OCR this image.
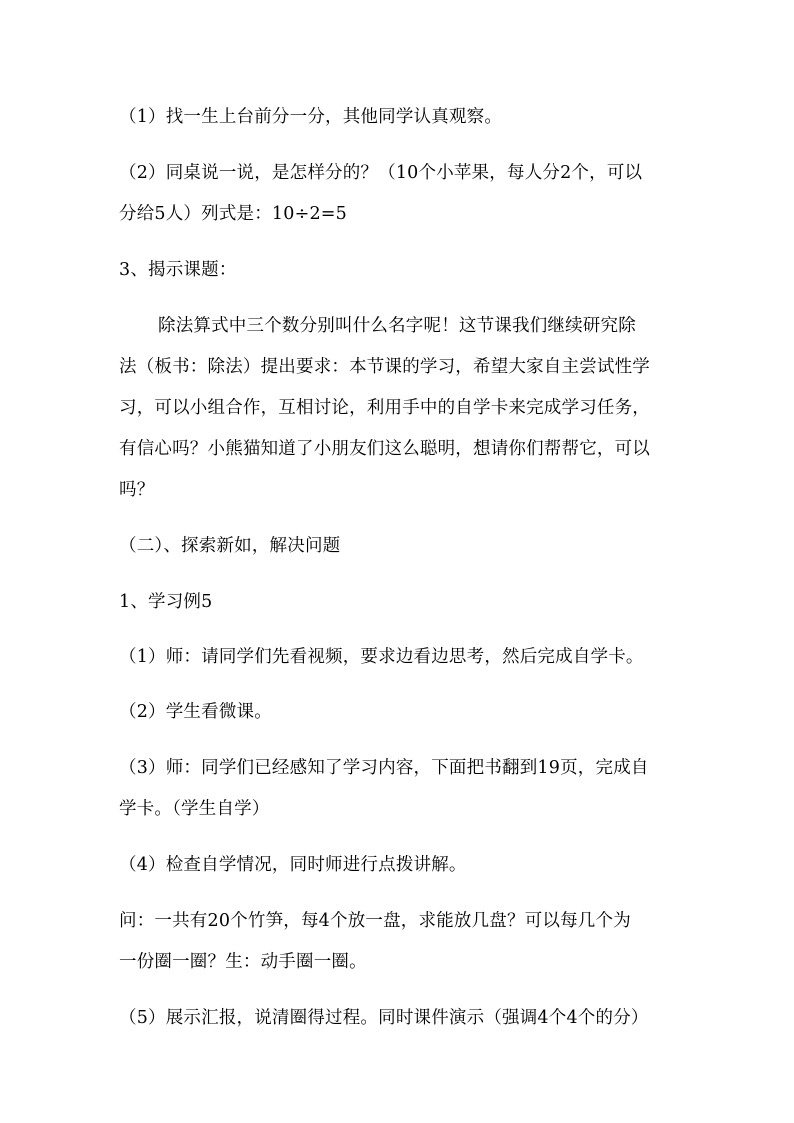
（1）找一生上台前分一分，其他同学认真观察。
（2）同桌说一说，是怎样分的？（10个小苹果，每人分2个，可以
分给5人）列式是：10÷2=5
3、揭示课题：
除法算式中三个数分别叫什么名字呢！这节课我们继续研究除
法（板书：除法）提出要求：本节课的学习，希望大家自主尝试性学
习，可以小组合作，互相讨论，利用手中的自学卡来完成学习任务，
有信心吗？小熊猫知道了小朋友们这么聪明，想请你们帮帮它，可以
吗？
（二）、探索新如，解决问题
1、学习例5
（1）师：请同学们先看视频，要求边看边思考，然后完成自学卡。
（2）学生看微课。
（3）师：同学们已经感知了学习内容，下面把书翻到19页，完成自
学卡。（学生自学）
（4）检查自学情况，同时师进行点拨讲解。
问：一共有20个竹笋，每4个放一盘，求能放几盘？可以每几个为
一份圈一圈？生：动手圈一圈。
（5）展示汇报，说清圈得过程。同时课件演示（强调4个4个的分）
